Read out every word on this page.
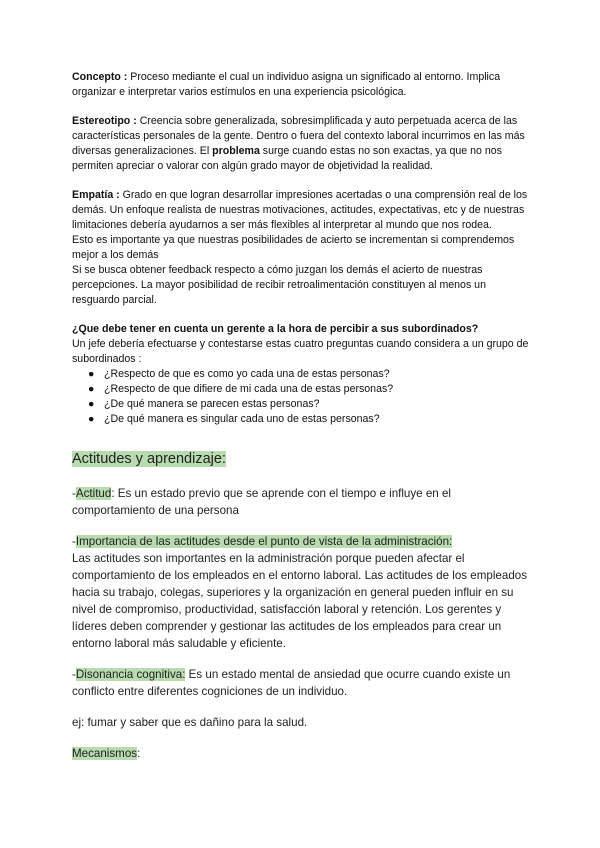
Concepto : Proceso mediante el cual un individuo asigna un significado al entorno. Implica organizar e interpretar varios estímulos en una experiencia psicológica.

Estereotipo : Creencia sobre generalizada, sobresimplificada y auto perpetuada acerca de las características personales de la gente. Dentro o fuera del contexto laboral incurrimos en las más diversas generalizaciones. El problema surge cuando estas no son exactas, ya que no nos permiten apreciar o valorar con algún grado mayor de objetividad la realidad.

Empatía : Grado en que logran desarrollar impresiones acertadas o una comprensión real de los demás. Un enfoque realista de nuestras motivaciones, actitudes, expectativas, etc y de nuestras limitaciones debería ayudarnos a ser más flexibles al interpretar al mundo que nos rodea.

Esto es importante ya que nuestras posibilidades de acierto se incrementan si comprendemos mejor a los demás

Si se busca obtener feedback respecto a cómo juzgan los demás el acierto de nuestras percepciones. La mayor posibilidad de recibir retroalimentación constituyen al menos un resguardo parcial.

¿Que debe tener en cuenta un gerente a la hora de percibir a sus subordinados?

Un jefe debería efectuarse y contestarse estas cuatro preguntas cuando considera a un grupo de subordinados :

● ¿Respecto de que es como yo cada una de estas personas?
● ¿Respecto de que difiere de mi cada una de estas personas?
● ¿De qué manera se parecen estas personas?
● ¿De qué manera es singular cada uno de estas personas?

Actitudes y aprendizaje:

-Actitud: Es un estado previo que se aprende con el tiempo e influye en el comportamiento de una persona

-Importancia de las actitudes desde el punto de vista de la administración:

Las actitudes son importantes en la administración porque pueden afectar el comportamiento de los empleados en el entorno laboral. Las actitudes de los empleados hacia su trabajo, colegas, superiores y la organización en general pueden influir en su nivel de compromiso, productividad, satisfacción laboral y retención. Los gerentes y líderes deben comprender y gestionar las actitudes de los empleados para crear un entorno laboral más saludable y eficiente.

-Disonancia cognitiva: Es un estado mental de ansiedad que ocurre cuando existe un conflicto entre diferentes cogniciones de un individuo.

ej: fumar y saber que es dañino para la salud.

Mecanismos:
